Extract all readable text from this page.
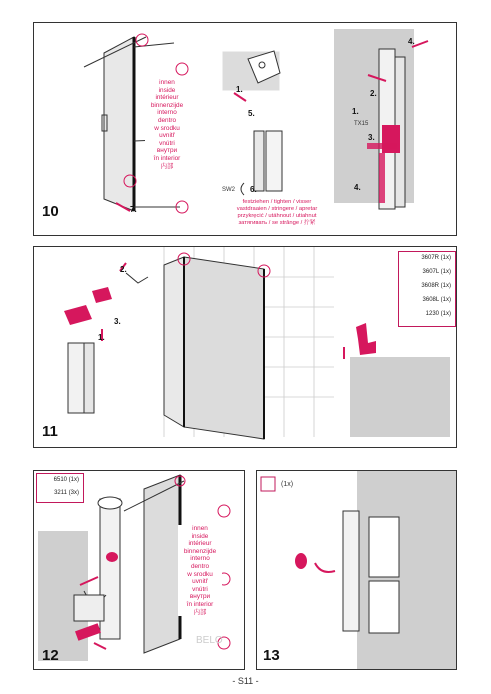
innen
inside
intérieur
binnenzijde
interno
dentro
w srodku
uvnitř
vnútri
внутри
în interior
内部
festziehen / tighten / visser
vastdraaien / stringere / apretar
przykręcić / utáhnout / utiahnut
затягивать / se strânge / 拧紧
10	7.
1.
5.
6.
SW2
2.
1.
TX15
3.
4.
4.
3607R (1x)
3607L (1x)
3608R (1x)
3608L (1x)
1230 (1x)
11
2.
3.
1.
6510 (1x)
3211 (3x)
innen
inside
intérieur
binnenzijde
interno
dentro
w srodku
uvnitř
vnútri
внутри
în interior
内部
BELO
12
(1x)
13
- S11 -
